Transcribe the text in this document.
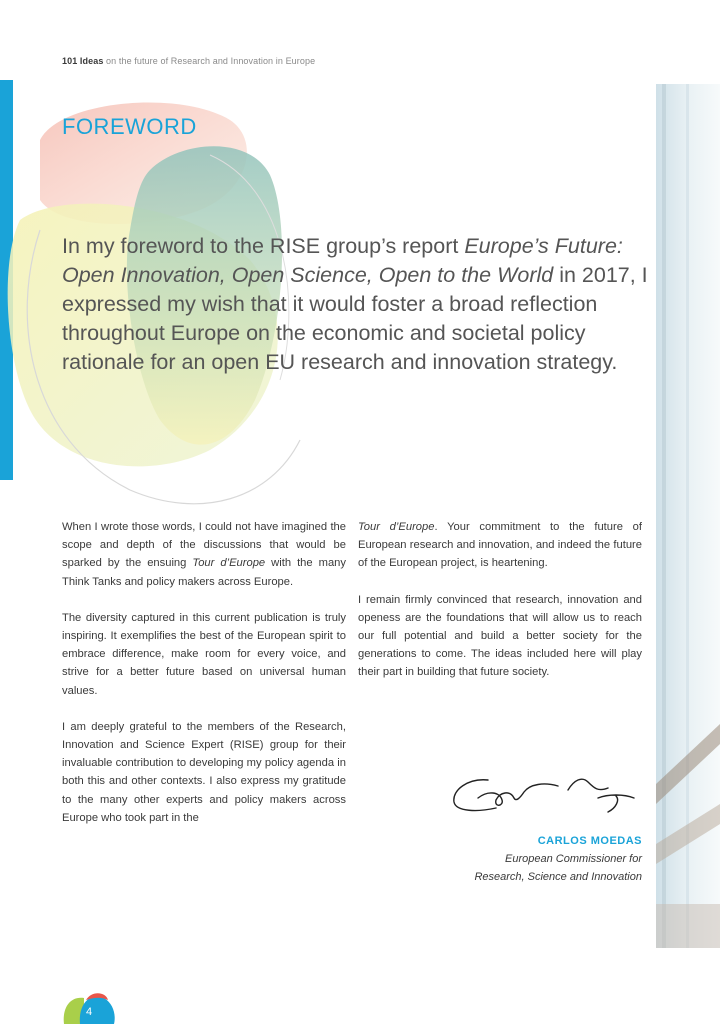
101 Ideas on the future of Research and Innovation in Europe
FOREWORD

In my foreword to the RISE group’s report Europe’s Future: Open Innovation, Open Science, Open to the World in 2017, I expressed my wish that it would foster a broad reflection throughout Europe on the economic and societal policy rationale for an open EU research and innovation strategy.

When I wrote those words, I could not have imagined the scope and depth of the discussions that would be sparked by the ensuing Tour d’Europe with the many Think Tanks and policy makers across Europe.

The diversity captured in this current publication is truly inspiring. It exemplifies the best of the European spirit to embrace difference, make room for every voice, and strive for a better future based on universal human values.

I am deeply grateful to the members of the Research, Innovation and Science Expert (RISE) group for their invaluable contribution to developing my policy agenda in both this and other contexts. I also express my gratitude to the many other experts and policy makers across Europe who took part in the

Tour d’Europe. Your commitment to the future of European research and innovation, and indeed the future of the European project, is heartening.

I remain firmly convinced that research, innovation and openess are the foundations that will allow us to reach our full potential and build a better society for the generations to come. The ideas included here will play their part in building that future society.

CARLOS MOEDAS
European Commissioner for
Research, Science and Innovation
4
